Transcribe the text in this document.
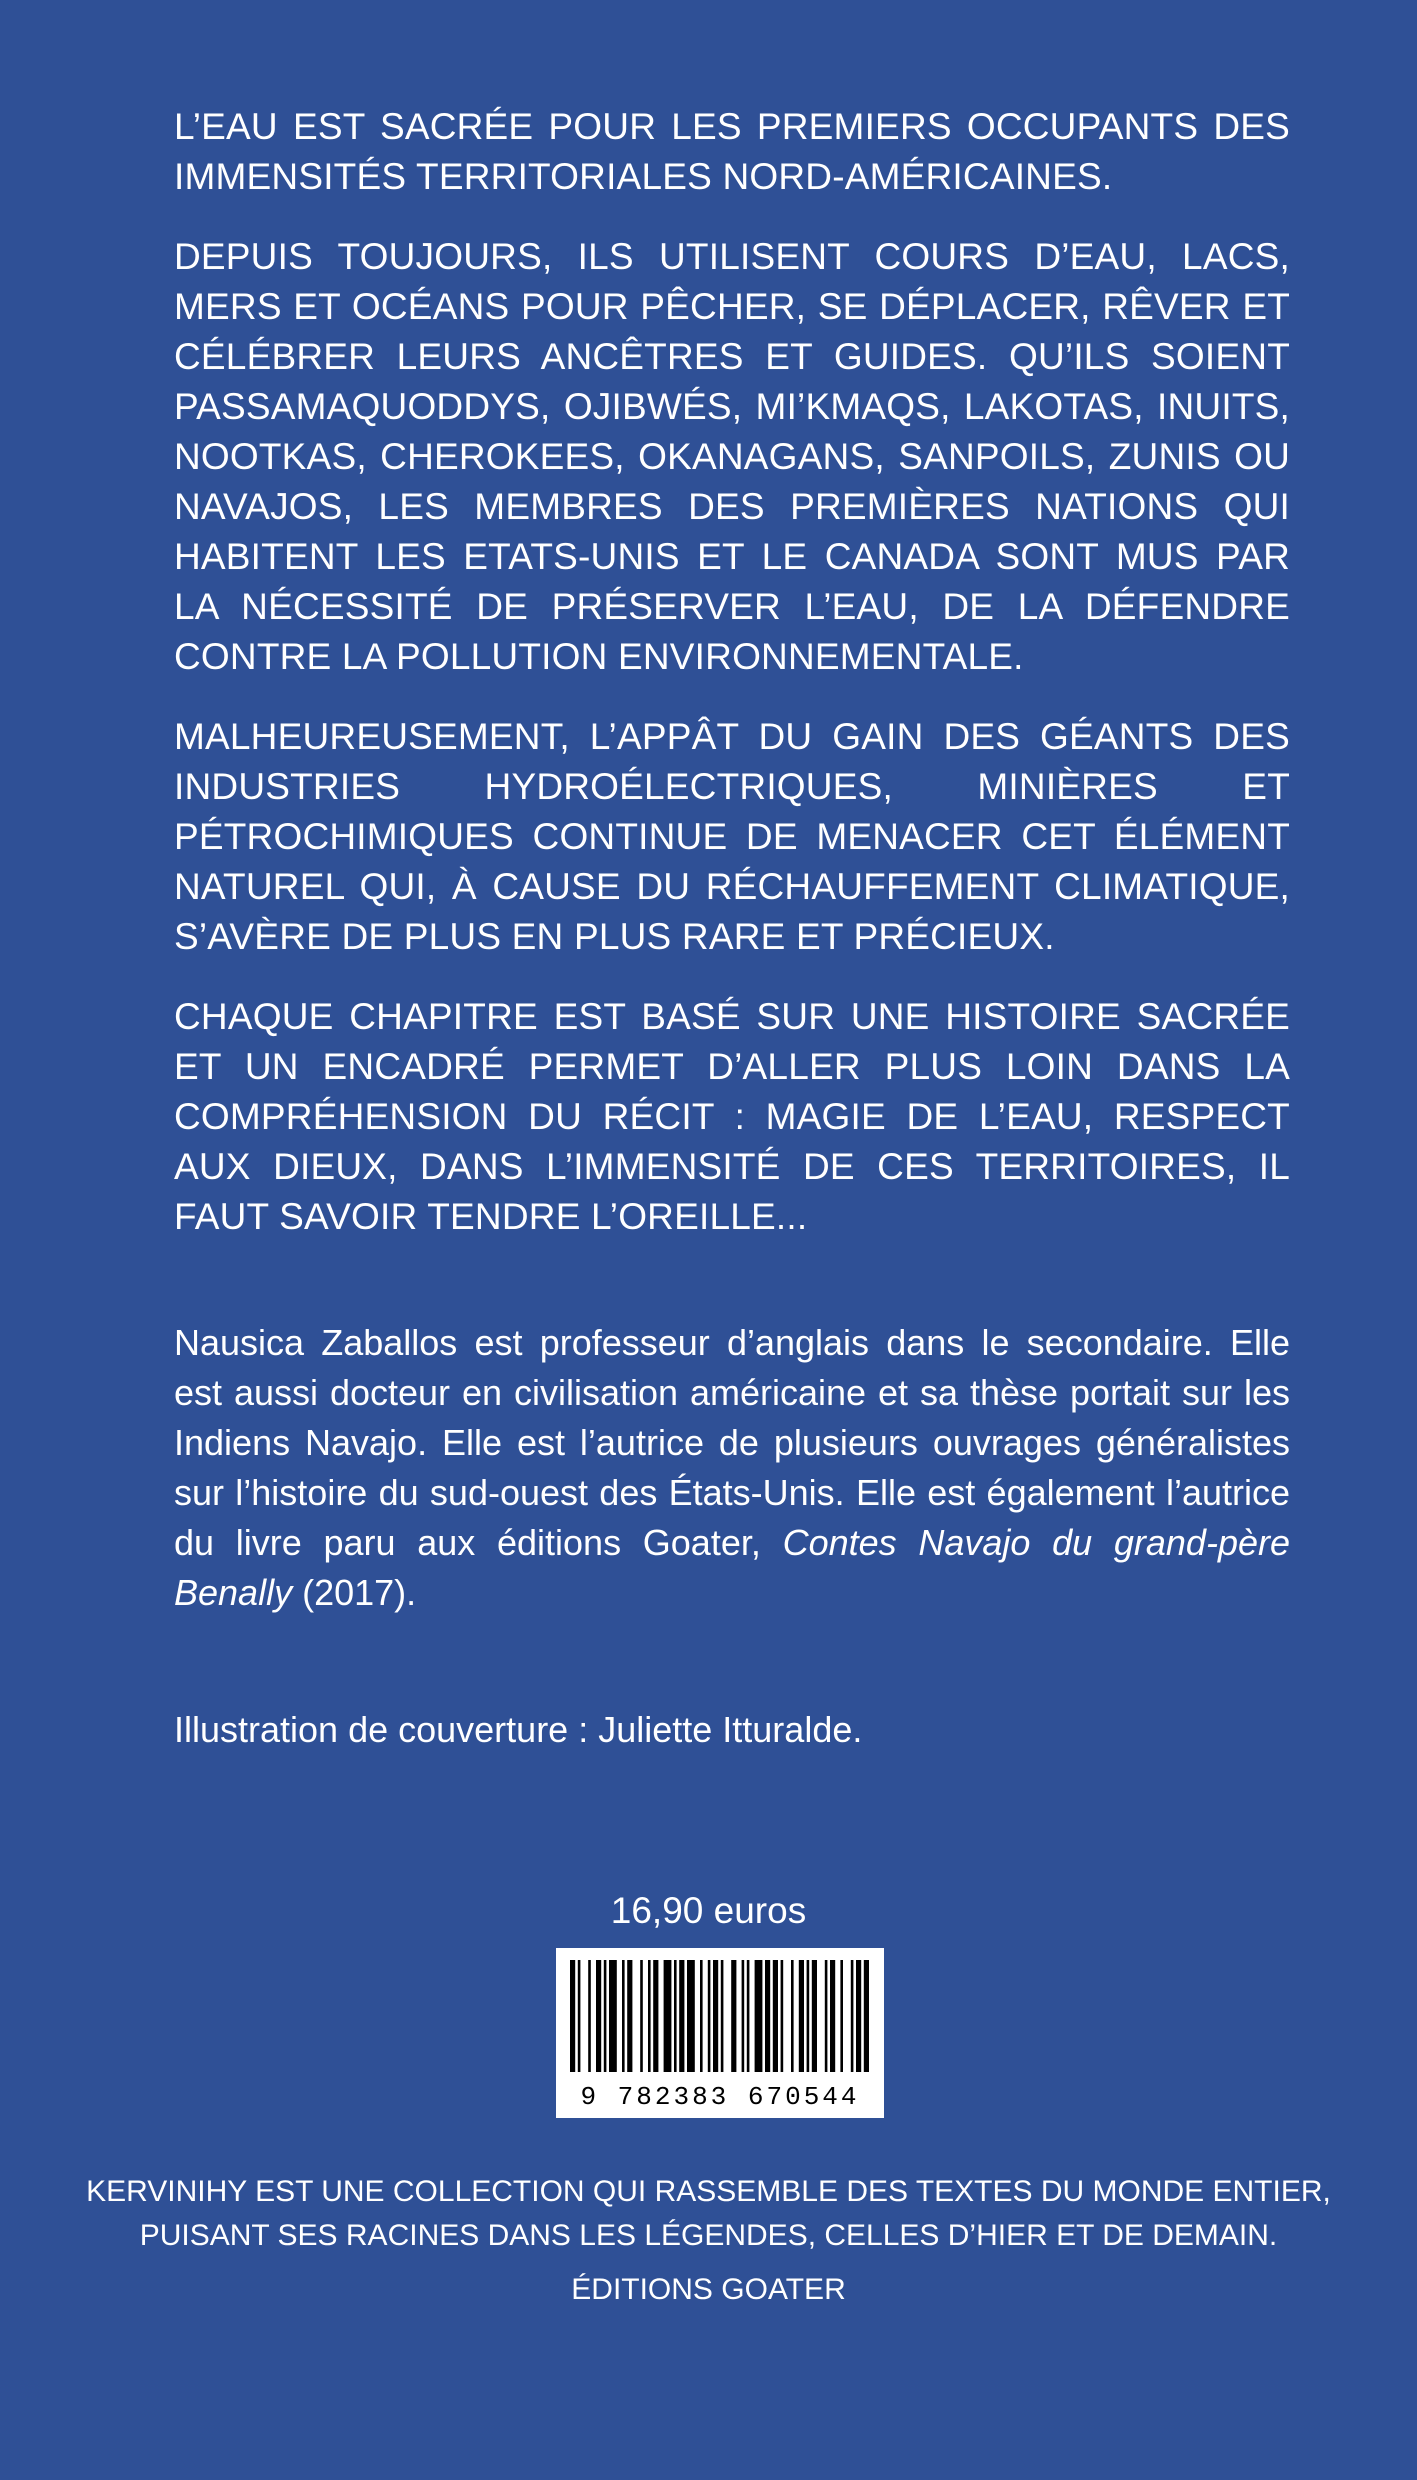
L’EAU EST SACRÉE POUR LES PREMIERS OCCUPANTS DES IMMENSITÉS TERRITORIALES NORD-AMÉRICAINES.

DEPUIS TOUJOURS, ILS UTILISENT COURS D’EAU, LACS, MERS ET OCÉANS POUR PÊCHER, SE DÉPLACER, RÊVER ET CÉLÉBRER LEURS ANCÊTRES ET GUIDES. QU’ILS SOIENT PASSAMAQUODDYS, OJIBWÉS, MI’KMAQS, LAKOTAS, INUITS, NOOTKAS, CHEROKEES, OKANAGANS, SANPOILS, ZUNIS OU NAVAJOS, LES MEMBRES DES PREMIÈRES NATIONS QUI HABITENT LES ETATS-UNIS ET LE CANADA SONT MUS PAR LA NÉCESSITÉ DE PRÉSERVER L’EAU, DE LA DÉFENDRE CONTRE LA POLLUTION ENVIRONNEMENTALE.

MALHEUREUSEMENT, L’APPÂT DU GAIN DES GÉANTS DES INDUSTRIES HYDROÉLECTRIQUES, MINIÈRES ET PÉTROCHIMIQUES CONTINUE DE MENACER CET ÉLÉMENT NATUREL QUI, À CAUSE DU RÉCHAUFFEMENT CLIMATIQUE, S’AVÈRE DE PLUS EN PLUS RARE ET PRÉCIEUX.

CHAQUE CHAPITRE EST BASÉ SUR UNE HISTOIRE SACRÉE ET UN ENCADRÉ PERMET D’ALLER PLUS LOIN DANS LA COMPRÉHENSION DU RÉCIT : MAGIE DE L’EAU, RESPECT AUX DIEUX, DANS L’IMMENSITÉ DE CES TERRITOIRES, IL FAUT SAVOIR TENDRE L’OREILLE...

Nausica Zaballos est professeur d’anglais dans le secondaire. Elle est aussi docteur en civilisation américaine et sa thèse portait sur les Indiens Navajo. Elle est l’autrice de plusieurs ouvrages généralistes sur l’histoire du sud-ouest des États-Unis. Elle est également l’autrice du livre paru aux éditions Goater, Contes Navajo du grand-père Benally (2017).

Illustration de couverture : Juliette Itturalde.
16,90 euros
9 782383 670544
KERVINIHY EST UNE COLLECTION QUI RASSEMBLE DES TEXTES DU MONDE ENTIER,
PUISANT SES RACINES DANS LES LÉGENDES, CELLES D’HIER ET DE DEMAIN.
ÉDITIONS GOATER
